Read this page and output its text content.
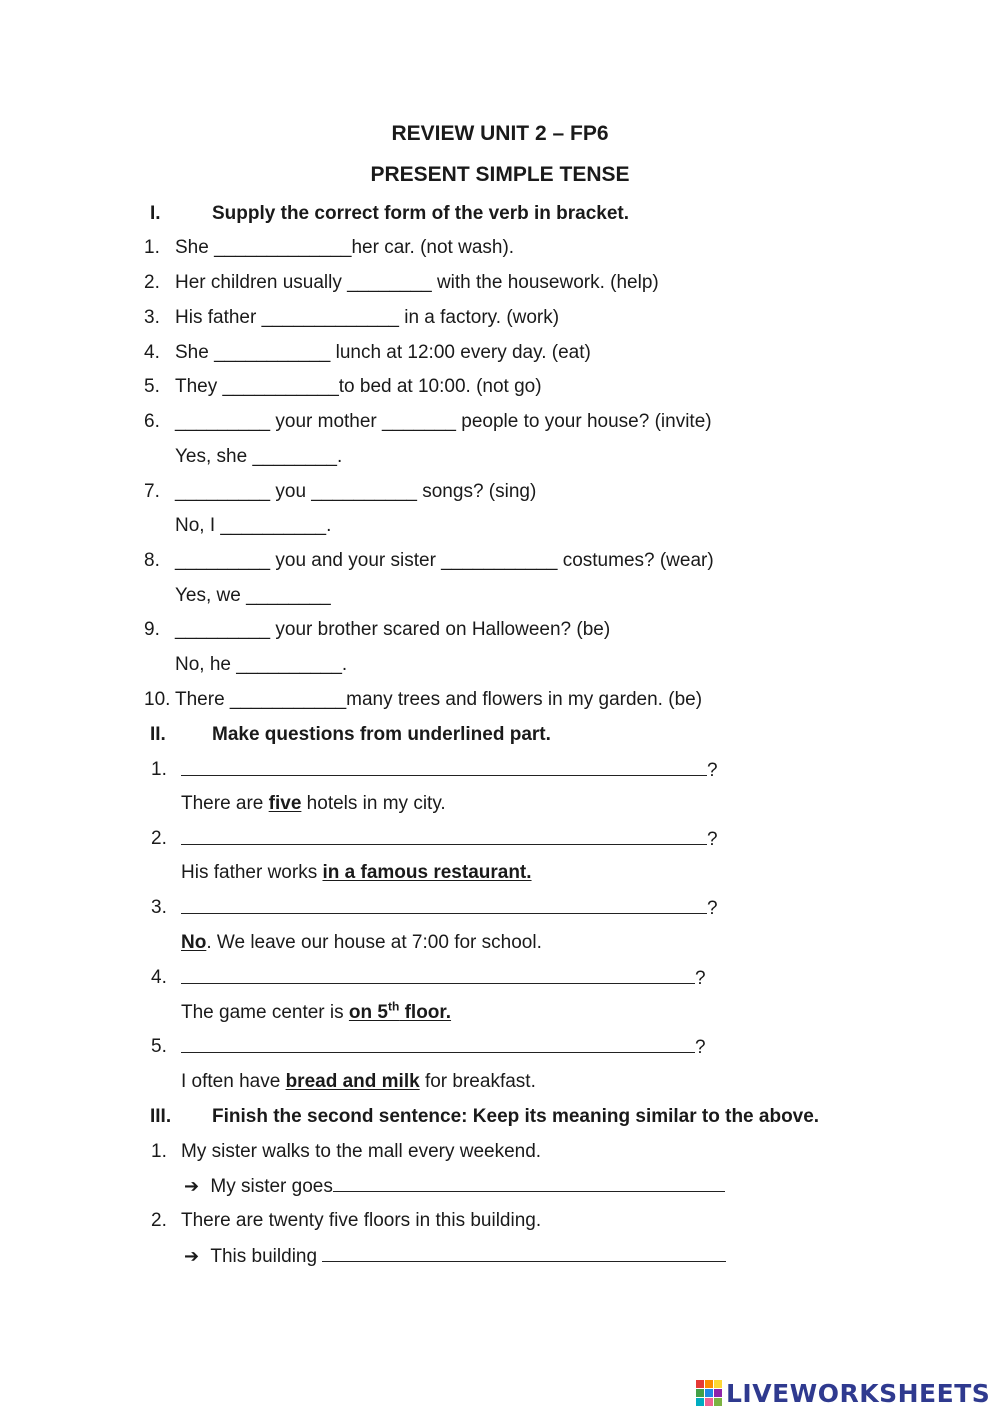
REVIEW UNIT 2 – FP6
PRESENT SIMPLE TENSE
I.	Supply the correct form of the verb in bracket.
1. She _____________her car. (not wash).
2. Her children usually ________ with the housework. (help)
3. His father _____________ in a factory. (work)
4. She ___________ lunch at 12:00 every day. (eat)
5. They ___________to bed at 10:00. (not go)
6. _________ your mother _______ people to your house? (invite)
Yes, she ________.
7. _________ you __________ songs? (sing)
No, I __________.
8. _________ you and your sister ___________ costumes? (wear)
Yes, we ________
9. _________ your brother scared on Halloween? (be)
No, he __________.
10. There ___________many trees and flowers in my garden. (be)
II. Make questions from underlined part.
1.	?
There are five hotels in my city.
2.	?
His father works in a famous restaurant.
3.	?
No. We leave our house at 7:00 for school.
4.	?
The game center is on 5th floor.
5.	?
I often have bread and milk for breakfast.
III. Finish the second sentence: Keep its meaning similar to the above.
1. My sister walks to the mall every weekend.
➔ My sister goes
2. There are twenty five floors in this building.
➔ This building
LIVEWORKSHEETS
